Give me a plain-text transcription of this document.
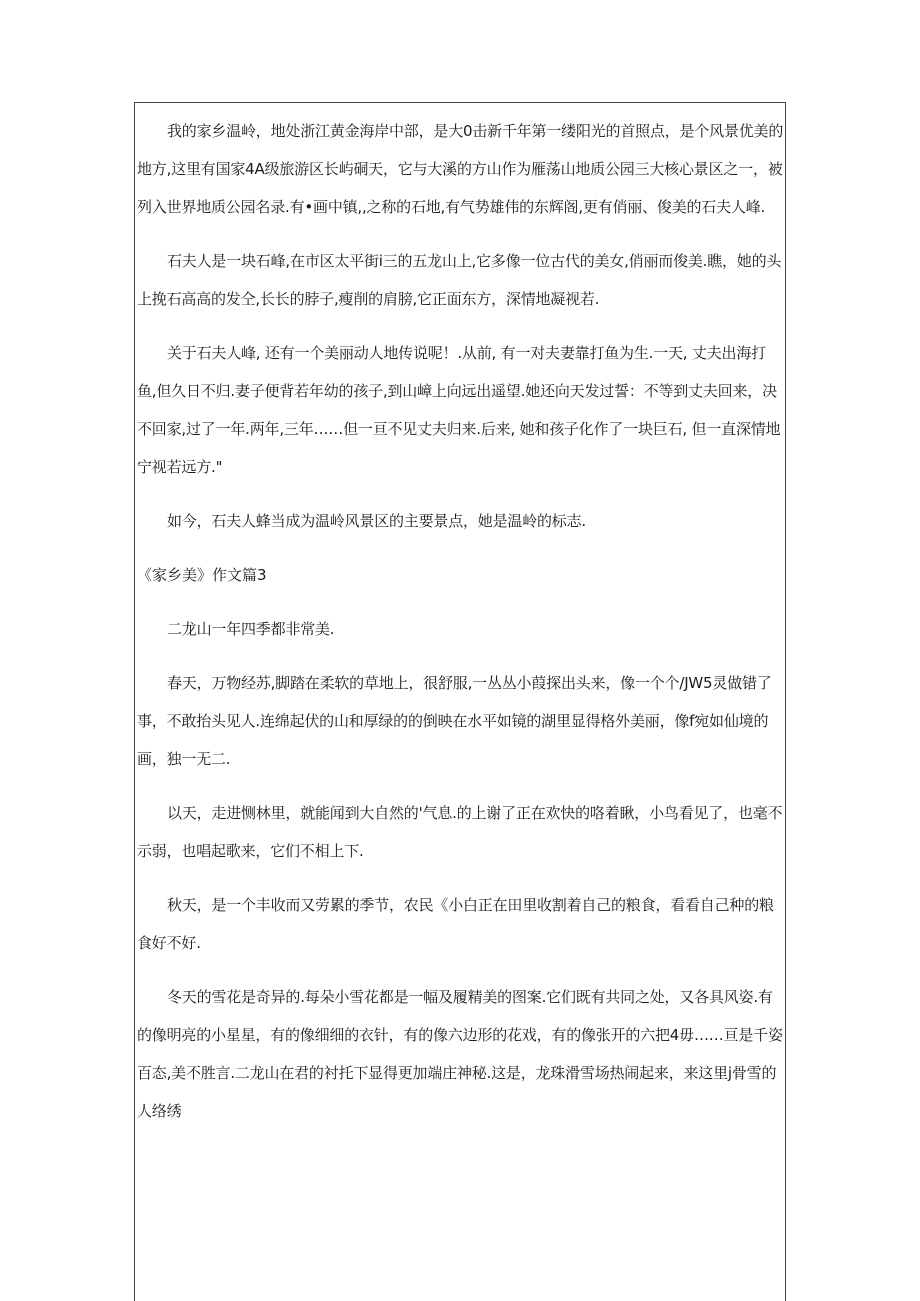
我的家乡温岭，地处浙江黄金海岸中部，是大0击新千年第一缕阳光的首照点，是个风景优美的地方,这里有国家4A级旅游区长屿硐天，它与大溪的方山作为雁荡山地质公园三大核心景区之一，被列入世界地质公园名录.有•画中镇,,之称的石地,有气势雄伟的东辉阁,更有俏丽、俊美的石夫人峰.

石夫人是一块石峰,在市区太平街i三的五龙山上,它多像一位古代的美女,俏丽而俊美.瞧，她的头上挽石高高的发仝,长长的脖子,瘦削的肩膀,它正面东方，深情地凝视若.

关于石夫人峰, 还有一个美丽动人地传说呢！.从前, 有一对夫妻靠打鱼为生.一天, 丈夫出海打鱼,但久日不归.妻子便背若年幼的孩子,到山嶂上向远出遥望.她还向天发过誓：不等到丈夫回来，决不回家,过了一年.两年,三年……但一亘不见丈夫归来.后来, 她和孩子化作了一块巨石, 但一直深情地宁视若远方."

如今，石夫人蜂当成为温岭风景区的主要景点，她是温岭的标志.

《家乡美》作文篇3

二龙山一年四季都非常美.

春天，万物经苏,脚踏在柔软的草地上，很舒服,一丛丛小葭探出头来，像一个个/JW5灵做错了事，不敢抬头见人.连绵起伏的山和厚绿的的倒映在水平如镜的湖里显得格外美丽，像f宛如仙境的画，独一无二.

以天，走进恻林里，就能闻到大自然的'气息.的上谢了正在欢快的咯着瞅，小鸟看见了，也毫不示弱，也唱起歌来，它们不相上下.

秋天，是一个丰收而又劳累的季节，农民《小白正在田里收割着自己的粮食，看看自己种的粮食好不好.

冬天的雪花是奇异的.每朵小雪花都是一幅及履精美的图案.它们既有共同之处，又各具风姿.有的像明亮的小星星，有的像细细的衣针，有的像六边形的花戏，有的像张开的六把4毋……亘是千姿百态,美不胜言.二龙山在君的衬托下显得更加端庄神秘.这是，龙珠滑雪场热闹起来，来这里j骨雪的人络绣
